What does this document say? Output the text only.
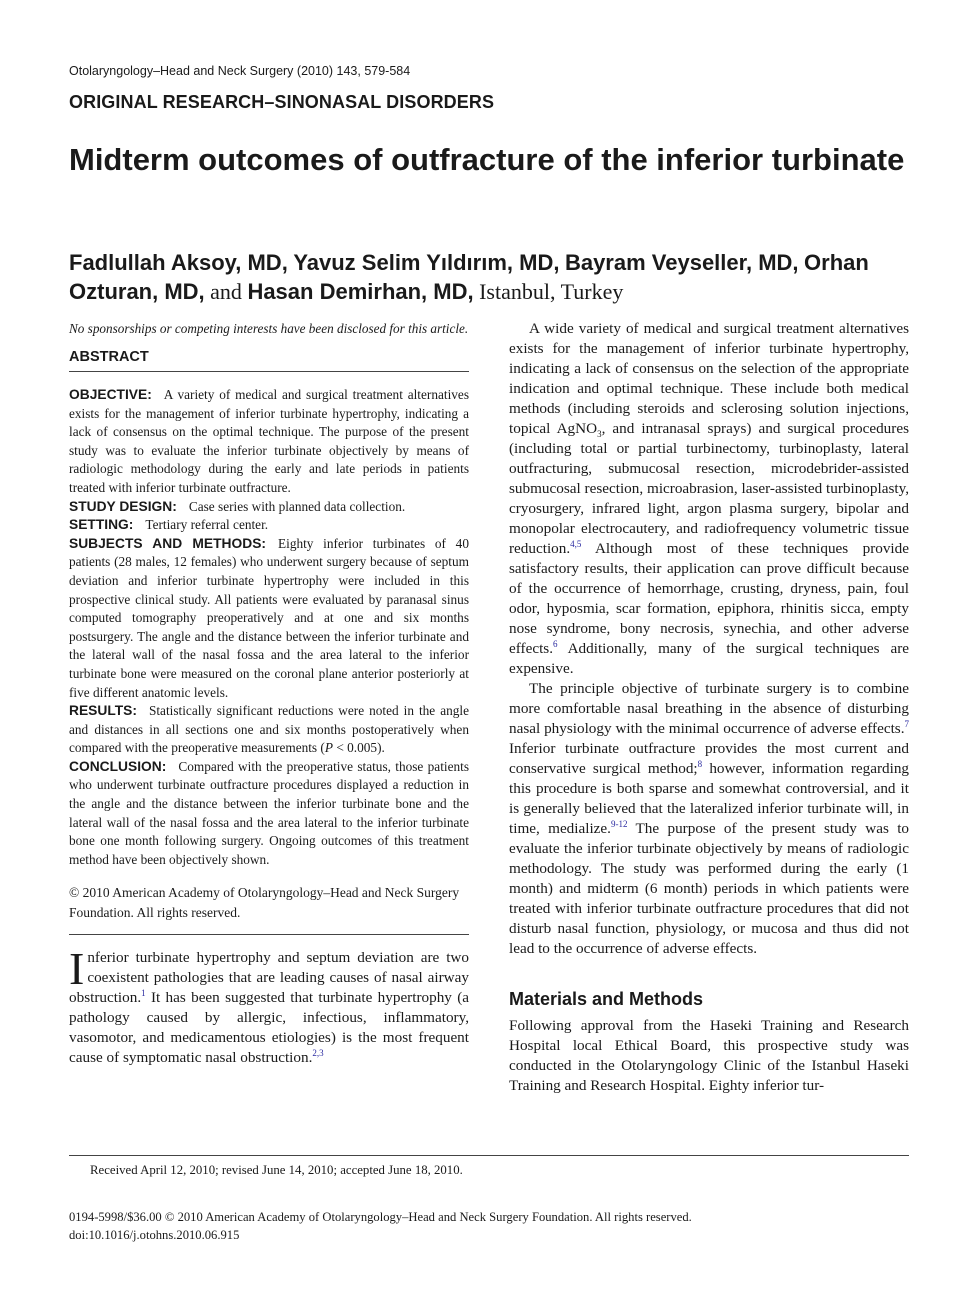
Otolaryngology–Head and Neck Surgery (2010) 143, 579-584
ORIGINAL RESEARCH–SINONASAL DISORDERS
Midterm outcomes of outfracture of the inferior turbinate

Fadlullah Aksoy, MD, Yavuz Selim Yıldırım, MD, Bayram Veyseller, MD, Orhan Ozturan, MD, and Hasan Demirhan, MD, Istanbul, Turkey

No sponsorships or competing interests have been disclosed for this article.

ABSTRACT

OBJECTIVE: A variety of medical and surgical treatment alternatives exists for the management of inferior turbinate hypertrophy, indicating a lack of consensus on the optimal technique. The purpose of the present study was to evaluate the inferior turbinate objectively by means of radiologic methodology during the early and late periods in patients treated with inferior turbinate outfracture.

STUDY DESIGN: Case series with planned data collection.

SETTING: Tertiary referral center.

SUBJECTS AND METHODS: Eighty inferior turbinates of 40 patients (28 males, 12 females) who underwent surgery because of septum deviation and inferior turbinate hypertrophy were included in this prospective clinical study. All patients were evaluated by paranasal sinus computed tomography preoperatively and at one and six months postsurgery. The angle and the distance between the inferior turbinate and the lateral wall of the nasal fossa and the area lateral to the inferior turbinate bone were measured on the coronal plane anterior posteriorly at five different anatomic levels.

RESULTS: Statistically significant reductions were noted in the angle and distances in all sections one and six months postoperatively when compared with the preoperative measurements (P < 0.005).

CONCLUSION: Compared with the preoperative status, those patients who underwent turbinate outfracture procedures displayed a reduction in the angle and the distance between the inferior turbinate bone and the lateral wall of the nasal fossa and the area lateral to the inferior turbinate bone one month following surgery. Ongoing outcomes of this treatment method have been objectively shown.

© 2010 American Academy of Otolaryngology–Head and Neck Surgery Foundation. All rights reserved.

Inferior turbinate hypertrophy and septum deviation are two coexistent pathologies that are leading causes of nasal airway obstruction.$^1$ It has been suggested that turbinate hypertrophy (a pathology caused by allergic, infectious, inflammatory, vasomotor, and medicamentous etiologies) is the most frequent cause of symptomatic nasal obstruction.$^{2,3}$

A wide variety of medical and surgical treatment alternatives exists for the management of inferior turbinate hypertrophy, indicating a lack of consensus on the selection of the appropriate indication and optimal technique. These include both medical methods (including steroids and sclerosing solution injections, topical AgNO$_3$, and intranasal sprays) and surgical procedures (including total or partial turbinectomy, turbinoplasty, lateral outfracturing, submucosal resection, microdebrider-assisted submucosal resection, microabrasion, laser-assisted turbinoplasty, cryosurgery, infrared light, argon plasma surgery, bipolar and monopolar electrocautery, and radiofrequency volumetric tissue reduction.$^{4,5}$ Although most of these techniques provide satisfactory results, their application can prove difficult because of the occurrence of hemorrhage, crusting, dryness, pain, foul odor, hyposmia, scar formation, epiphora, rhinitis sicca, empty nose syndrome, bony necrosis, synechia, and other adverse effects.$^6$ Additionally, many of the surgical techniques are expensive.

The principle objective of turbinate surgery is to combine more comfortable nasal breathing in the absence of disturbing nasal physiology with the minimal occurrence of adverse effects.$^7$ Inferior turbinate outfracture provides the most current and conservative surgical method;$^8$ however, information regarding this procedure is both sparse and somewhat controversial, and it is generally believed that the lateralized inferior turbinate will, in time, medialize.$^{9-12}$ The purpose of the present study was to evaluate the inferior turbinate objectively by means of radiologic methodology. The study was performed during the early (1 month) and midterm (6 month) periods in which patients were treated with inferior turbinate outfracture procedures that did not disturb nasal function, physiology, or mucosa and thus did not lead to the occurrence of adverse effects.

Materials and Methods

Following approval from the Haseki Training and Research Hospital local Ethical Board, this prospective study was conducted in the Otolaryngology Clinic of the Istanbul Haseki Training and Research Hospital. Eighty inferior tur-

Received April 12, 2010; revised June 14, 2010; accepted June 18, 2010.
0194-5998/$36.00 © 2010 American Academy of Otolaryngology–Head and Neck Surgery Foundation. All rights reserved.
doi:10.1016/j.otohns.2010.06.915
